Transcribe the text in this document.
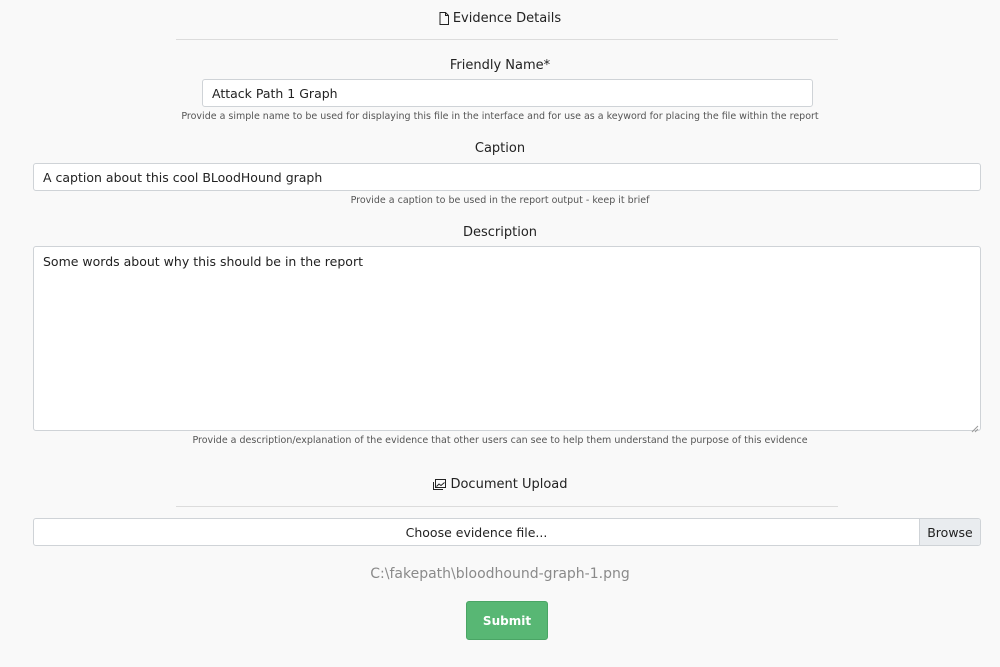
Evidence Details
Friendly Name*
Attack Path 1 Graph
Provide a simple name to be used for displaying this file in the interface and for use as a keyword for placing the file within the report
Caption
A caption about this cool BLoodHound graph
Provide a caption to be used in the report output - keep it brief
Description
Some words about why this should be in the report
Provide a description/explanation of the evidence that other users can see to help them understand the purpose of this evidence
Document Upload
Choose evidence file...	Browse
C:\fakepath\bloodhound-graph-1.png
Submit
